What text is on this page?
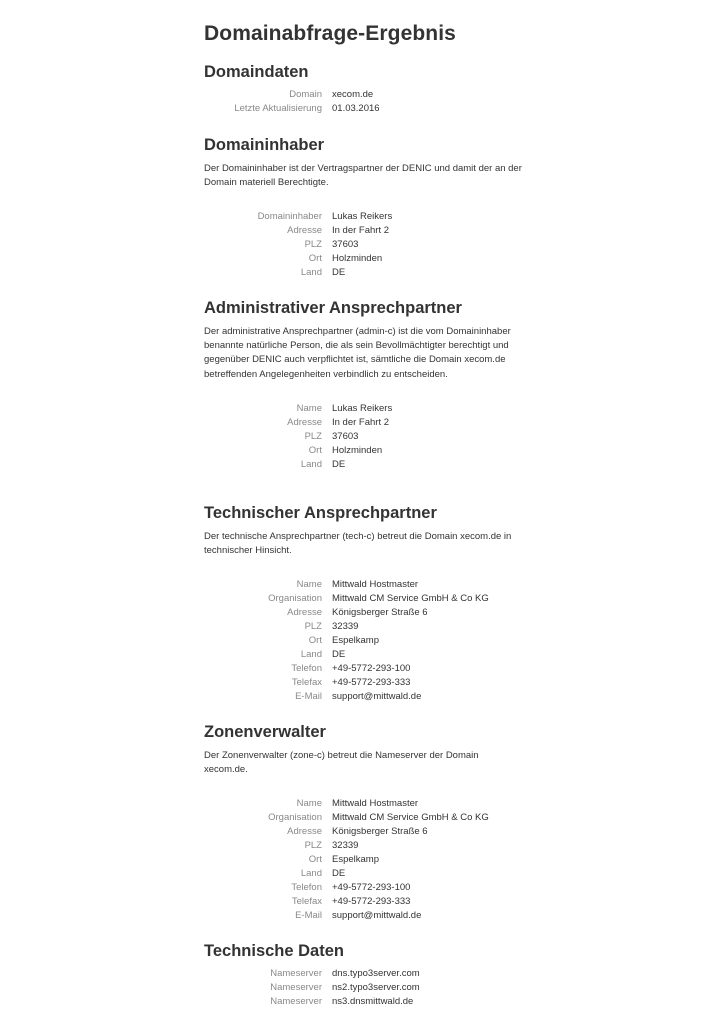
Domainabfrage-Ergebnis
Domaindaten
Domain	xecom.de
Letzte Aktualisierung	01.03.2016
Domaininhaber

Der Domaininhaber ist der Vertragspartner der DENIC und damit der an der Domain materiell Berechtigte.

Domaininhaber	Lukas Reikers
Adresse	In der Fahrt 2
PLZ	37603
Ort	Holzminden
Land	DE
Administrativer Ansprechpartner

Der administrative Ansprechpartner (admin-c) ist die vom Domaininhaber benannte natürliche Person, die als sein Bevollmächtigter berechtigt und gegenüber DENIC auch verpflichtet ist, sämtliche die Domain xecom.de betreffenden Angelegenheiten verbindlich zu entscheiden.

Name	Lukas Reikers
Adresse	In der Fahrt 2
PLZ	37603
Ort	Holzminden
Land	DE
Technischer Ansprechpartner

Der technische Ansprechpartner (tech-c) betreut die Domain xecom.de in technischer Hinsicht.

Name	Mittwald Hostmaster
Organisation	Mittwald CM Service GmbH & Co KG
Adresse	Königsberger Straße 6
PLZ	32339
Ort	Espelkamp
Land	DE
Telefon	+49-5772-293-100
Telefax	+49-5772-293-333
E-Mail	support@mittwald.de
Zonenverwalter

Der Zonenverwalter (zone-c) betreut die Nameserver der Domain xecom.de.

Name	Mittwald Hostmaster
Organisation	Mittwald CM Service GmbH & Co KG
Adresse	Königsberger Straße 6
PLZ	32339
Ort	Espelkamp
Land	DE
Telefon	+49-5772-293-100
Telefax	+49-5772-293-333
E-Mail	support@mittwald.de
Technische Daten
Nameserver	dns.typo3server.com
Nameserver	ns2.typo3server.com
Nameserver	ns3.dnsmittwald.de
